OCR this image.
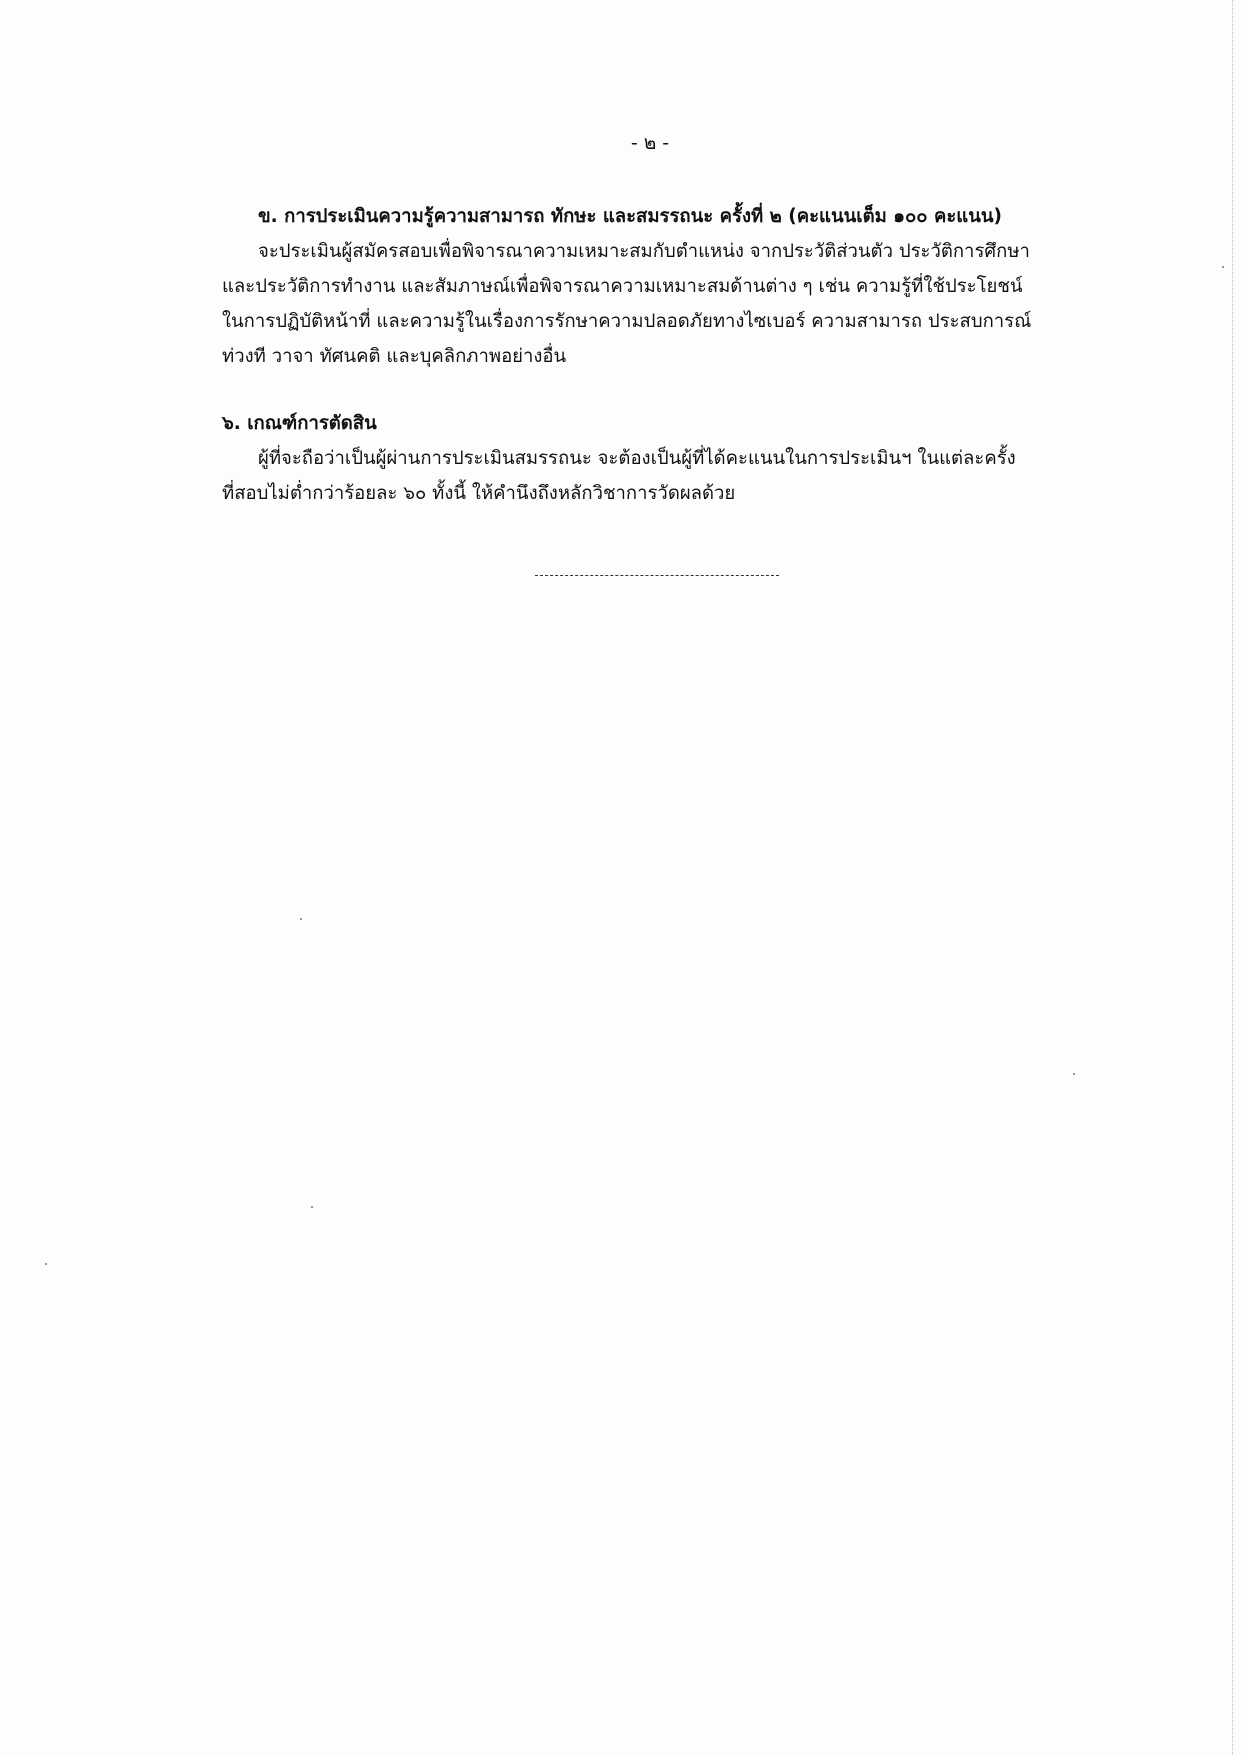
- ๒ -
ข. การประเมินความรู้ความสามารถ ทักษะ และสมรรถนะ ครั้งที่ ๒ (คะแนนเต็ม ๑๐๐ คะแนน)
จะประเมินผู้สมัครสอบเพื่อพิจารณาความเหมาะสมกับตำแหน่ง จากประวัติส่วนตัว ประวัติการศึกษา
และประวัติการทำงาน และสัมภาษณ์เพื่อพิจารณาความเหมาะสมด้านต่าง ๆ เช่น ความรู้ที่ใช้ประโยชน์
ในการปฏิบัติหน้าที่ และความรู้ในเรื่องการรักษาความปลอดภัยทางไซเบอร์ ความสามารถ ประสบการณ์
ท่วงที วาจา ทัศนคติ และบุคลิกภาพอย่างอื่น
๖. เกณฑ์การตัดสิน
ผู้ที่จะถือว่าเป็นผู้ผ่านการประเมินสมรรถนะ จะต้องเป็นผู้ที่ได้คะแนนในการประเมินฯ ในแต่ละครั้ง
ที่สอบไม่ต่ำกว่าร้อยละ ๖๐ ทั้งนี้ ให้คำนึงถึงหลักวิชาการวัดผลด้วย
